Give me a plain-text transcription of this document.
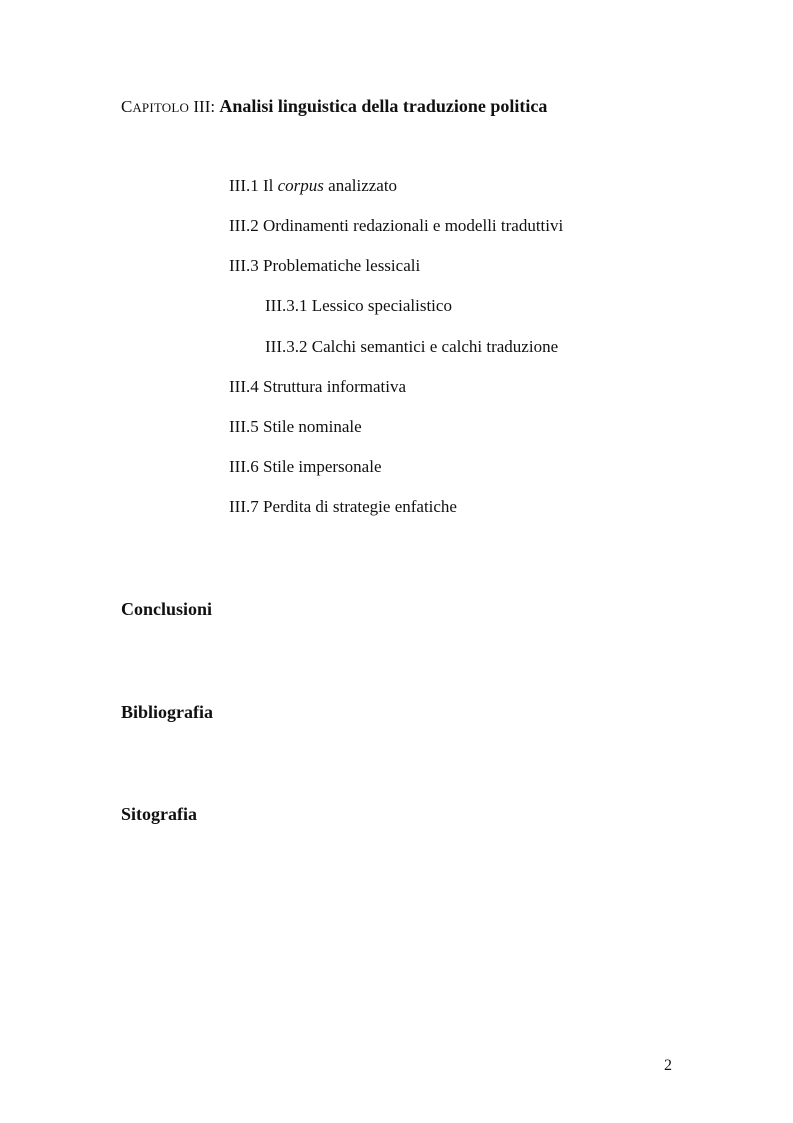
CAPITOLO III: Analisi linguistica della traduzione politica
III.1 Il corpus analizzato
III.2 Ordinamenti redazionali e modelli traduttivi
III.3 Problematiche lessicali
III.3.1 Lessico specialistico
III.3.2 Calchi semantici e calchi traduzione
III.4 Struttura informativa
III.5 Stile nominale
III.6 Stile impersonale
III.7 Perdita di strategie enfatiche
Conclusioni
Bibliografia
Sitografia
2
